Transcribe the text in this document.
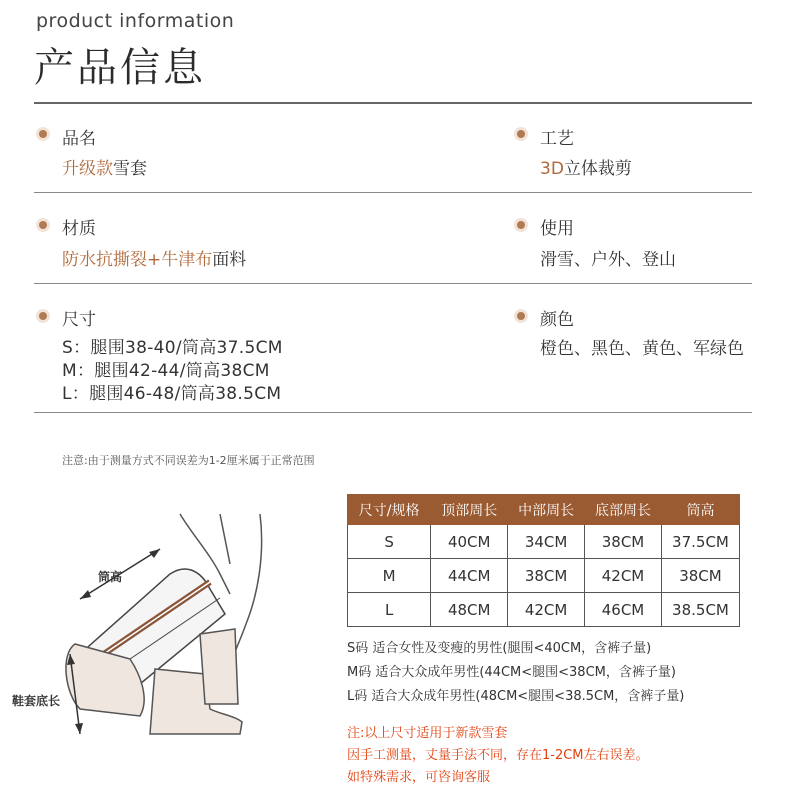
product information
产品信息
品名
升级款雪套
工艺
3D立体裁剪
材质
防水抗撕裂+牛津布面料
使用
滑雪、户外、登山
尺寸
S：腿围38-40/筒高37.5CM
M：腿围42-44/筒高38CM
L：腿围46-48/筒高38.5CM
颜色
橙色、黑色、黄色、军绿色
注意:由于测量方式不同误差为1-2厘米属于正常范围
筒高
鞋套底长
尺寸/规格	顶部周长	中部周长	底部周长	筒高
S	40CM	34CM	38CM	37.5CM
M	44CM	38CM	42CM	38CM
L	48CM	42CM	46CM	38.5CM
S码 适合女性及变瘦的男性(腿围<40CM，含裤子量)
M码 适合大众成年男性(44CM<腿围<38CM，含裤子量)
L码 适合大众成年男性(48CM<腿围<38.5CM，含裤子量)
注:以上尺寸适用于新款雪套
因手工测量，丈量手法不同，存在1-2CM左右误差。
如特殊需求，可咨询客服
